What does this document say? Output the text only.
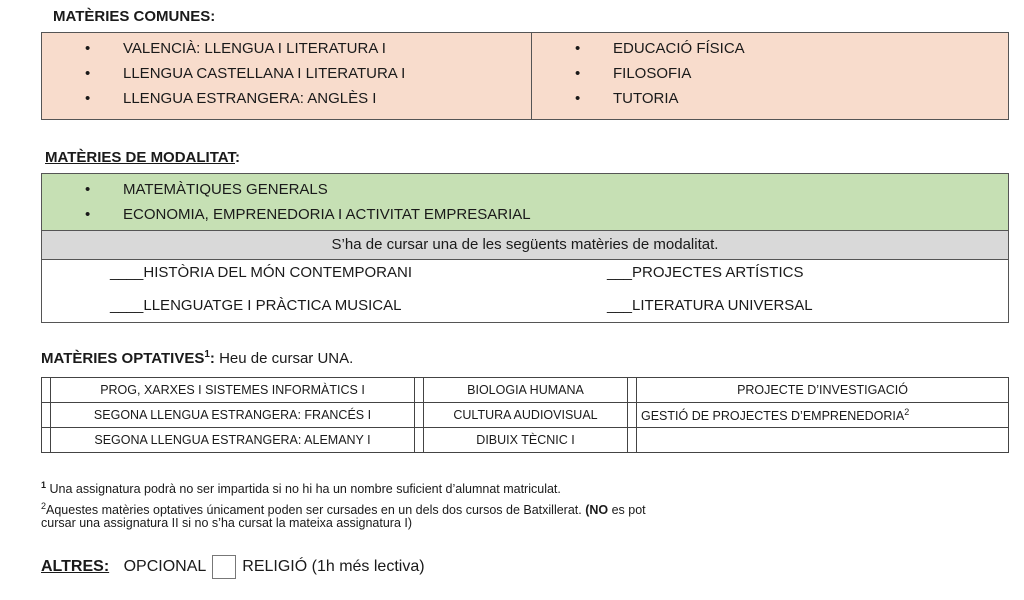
MATÈRIES COMUNES:
• VALENCIÀ: LLENGUA I LITERATURA I
• LLENGUA CASTELLANA I LITERATURA I
• LLENGUA ESTRANGERA: ANGLÈS I
• EDUCACIÓ FÍSICA
• FILOSOFIA
• TUTORIA
MATÈRIES DE MODALITAT:
• MATEMÀTIQUES GENERALS
• ECONOMIA, EMPRENEDORIA I ACTIVITAT EMPRESARIAL
S’ha de cursar una de les següents matèries de modalitat.
____HISTÒRIA DEL MÓN CONTEMPORANI	___PROJECTES ARTÍSTICS
____LLENGUATGE I PRÀCTICA MUSICAL	___LITERATURA UNIVERSAL
MATÈRIES OPTATIVES$^1$: Heu de cursar UNA.
	PROG, XARXES I SISTEMES INFORMÀTICS I		BIOLOGIA HUMANA		PROJECTE D’INVESTIGACIÓ
	SEGONA LLENGUA ESTRANGERA: FRANCÉS I		CULTURA AUDIOVISUAL		GESTIÓ DE PROJECTES D’EMPRENEDORIA$^2$
	SEGONA LLENGUA ESTRANGERA: ALEMANY I		DIBUIX TÈCNIC I		
$^1$ Una assignatura podrà no ser impartida si no hi ha un nombre suficient d’alumnat matriculat.
$^2$Aquestes matèries optatives únicament poden ser cursades en un dels dos cursos de Batxillerat. (NO es pot
cursar una assignatura II si no s’ha cursat la mateixa assignatura I)
ALTRES: OPCIONAL RELIGIÓ (1h més lectiva)
